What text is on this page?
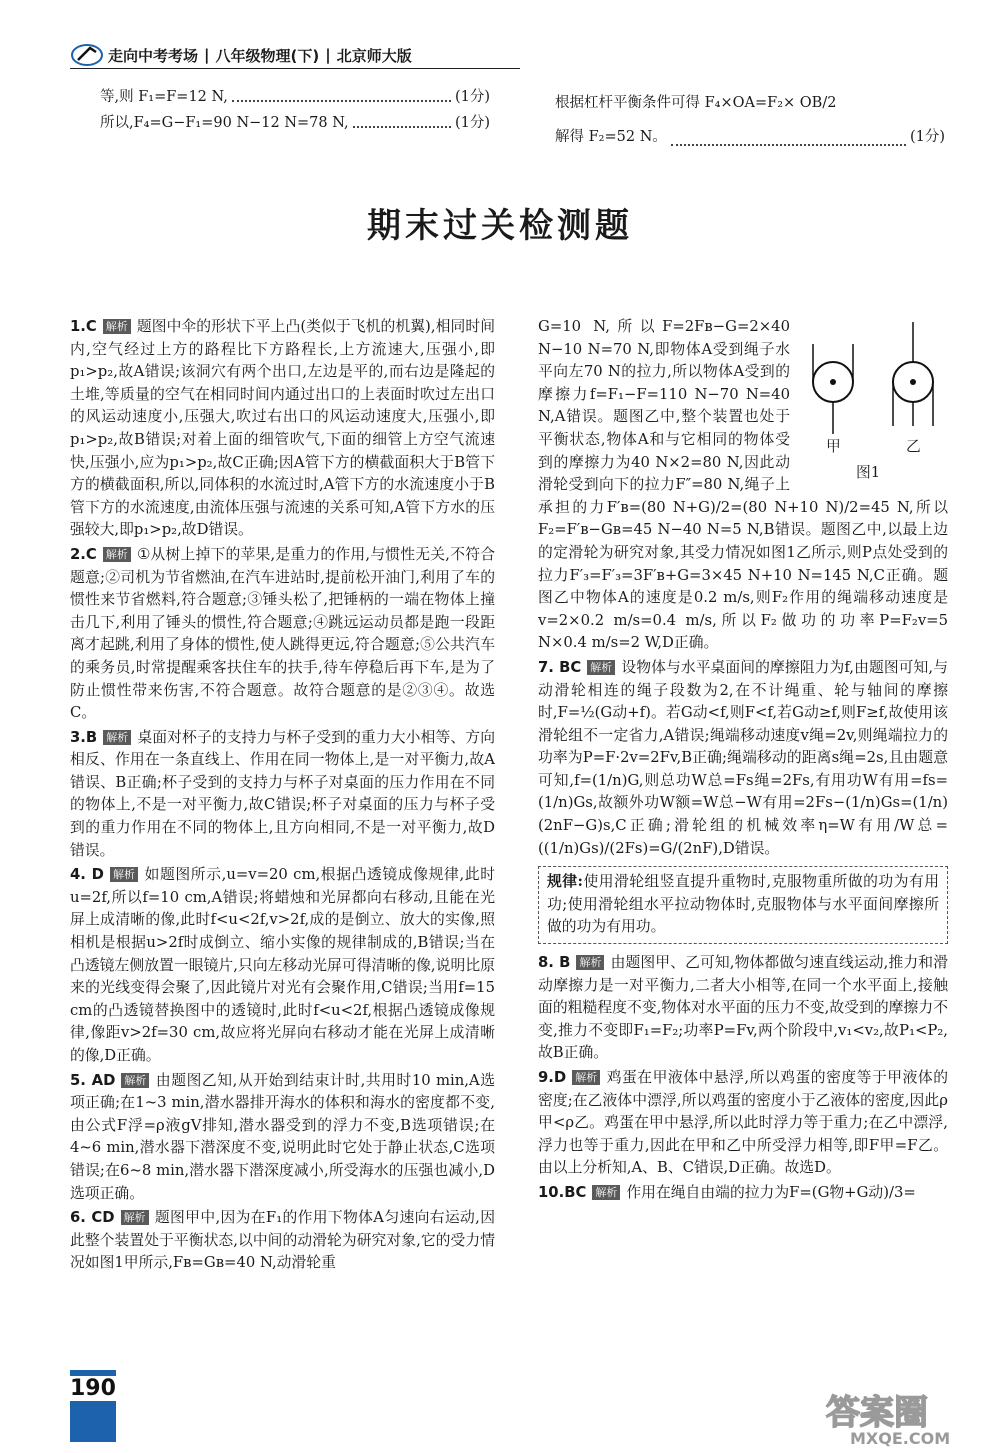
走向中考考场 | 八年级物理(下) | 北京师大版
等,则 F₁=F=12 N,	(1分)
所以,F₄=G−F₁=90 N−12 N=78 N,	(1分)
根据杠杆平衡条件可得 F₄×OA=F₂× OB/2
解得 F₂=52 N。	(1分)
期末过关检测题

1.C 解析 题图中伞的形状下平上凸(类似于飞机的机翼),相同时间内,空气经过上方的路程比下方路程长,上方流速大,压强小,即p₁>p₂,故A错误;该洞穴有两个出口,左边是平的,而右边是隆起的土堆,等质量的空气在相同时间内通过出口的上表面时吹过左出口的风运动速度小,压强大,吹过右出口的风运动速度大,压强小,即p₁>p₂,故B错误;对着上面的细管吹气,下面的细管上方空气流速快,压强小,应为p₁>p₂,故C正确;因A管下方的横截面积大于B管下方的横截面积,所以,同体积的水流过时,A管下方的水流速度小于B管下方的水流速度,由流体压强与流速的关系可知,A管下方水的压强较大,即p₁>p₂,故D错误。

2.C 解析 ①从树上掉下的苹果,是重力的作用,与惯性无关,不符合题意;②司机为节省燃油,在汽车进站时,提前松开油门,利用了车的惯性来节省燃料,符合题意;③锤头松了,把锤柄的一端在物体上撞击几下,利用了锤头的惯性,符合题意;④跳远运动员都是跑一段距离才起跳,利用了身体的惯性,使人跳得更远,符合题意;⑤公共汽车的乘务员,时常提醒乘客扶住车的扶手,待车停稳后再下车,是为了防止惯性带来伤害,不符合题意。故符合题意的是②③④。故选C。

3.B 解析 桌面对杯子的支持力与杯子受到的重力大小相等、方向相反、作用在一条直线上、作用在同一物体上,是一对平衡力,故A错误、B正确;杯子受到的支持力与杯子对桌面的压力作用在不同的物体上,不是一对平衡力,故C错误;杯子对桌面的压力与杯子受到的重力作用在不同的物体上,且方向相同,不是一对平衡力,故D错误。

4. D 解析 如题图所示,u=v=20 cm,根据凸透镜成像规律,此时u=2f,所以f=10 cm,A错误;将蜡烛和光屏都向右移动,且能在光屏上成清晰的像,此时f<u<2f,v>2f,成的是倒立、放大的实像,照相机是根据u>2f时成倒立、缩小实像的规律制成的,B错误;当在凸透镜左侧放置一眼镜片,只向左移动光屏可得清晰的像,说明比原来的光线变得会聚了,因此镜片对光有会聚作用,C错误;当用f=15 cm的凸透镜替换图中的透镜时,此时f<u<2f,根据凸透镜成像规律,像距v>2f=30 cm,故应将光屏向右移动才能在光屏上成清晰的像,D正确。

5. AD 解析 由题图乙知,从开始到结束计时,共用时10 min,A选项正确;在1~3 min,潜水器排开海水的体积和海水的密度都不变,由公式F浮=ρ液gV排知,潜水器受到的浮力不变,B选项错误;在4~6 min,潜水器下潜深度不变,说明此时它处于静止状态,C选项错误;在6~8 min,潜水器下潜深度减小,所受海水的压强也减小,D选项正确。

6. CD 解析 题图甲中,因为在F₁的作用下物体A匀速向右运动,因此整个装置处于平衡状态,以中间的动滑轮为研究对象,它的受力情况如图1甲所示,Fʙ=Gʙ=40 N,动滑轮重

甲	乙
图1

G=10 N,所以F=2Fʙ−G=2×40 N−10 N=70 N,即物体A受到绳子水平向左70 N的拉力,所以物体A受到的摩擦力f=F₁−F=110 N−70 N=40 N,A错误。题图乙中,整个装置也处于平衡状态,物体A和与它相同的物体受到的摩擦力为40 N×2=80 N,因此动滑轮受到向下的拉力F″=80 N,绳子上承担的力F′ʙ=(80 N+G)/2=(80 N+10 N)/2=45 N,所以F₂=F′ʙ−Gʙ=45 N−40 N=5 N,B错误。题图乙中,以最上边的定滑轮为研究对象,其受力情况如图1乙所示,则P点处受到的拉力F′₃=F′₃=3F′ʙ+G=3×45 N+10 N=145 N,C正确。题图乙中物体A的速度是0.2 m/s,则F₂作用的绳端移动速度是v=2×0.2 m/s=0.4 m/s,所以F₂做功的功率P=F₂v=5 N×0.4 m/s=2 W,D正确。

7. BC 解析 设物体与水平桌面间的摩擦阻力为f,由题图可知,与动滑轮相连的绳子段数为2,在不计绳重、轮与轴间的摩擦时,F=½(G动+f)。若G动<f,则F<f,若G动≥f,则F≥f,故使用该滑轮组不一定省力,A错误;绳端移动速度v绳=2v,则绳端拉力的功率为P=F·2v=2Fv,B正确;绳端移动的距离s绳=2s,且由题意可知,f=(1/n)G,则总功W总=Fs绳=2Fs,有用功W有用=fs=(1/n)Gs,故额外功W额=W总−W有用=2Fs−(1/n)Gs=(1/n)(2nF−G)s,C正确;滑轮组的机械效率η=W有用/W总=((1/n)Gs)/(2Fs)=G/(2nF),D错误。

规律:使用滑轮组竖直提升重物时,克服物重所做的功为有用功;使用滑轮组水平拉动物体时,克服物体与水平面间摩擦所做的功为有用功。

8. B 解析 由题图甲、乙可知,物体都做匀速直线运动,推力和滑动摩擦力是一对平衡力,二者大小相等,在同一个水平面上,接触面的粗糙程度不变,物体对水平面的压力不变,故受到的摩擦力不变,推力不变即F₁=F₂;功率P=Fv,两个阶段中,v₁<v₂,故P₁<P₂,故B正确。

9.D 解析 鸡蛋在甲液体中悬浮,所以鸡蛋的密度等于甲液体的密度;在乙液体中漂浮,所以鸡蛋的密度小于乙液体的密度,因此ρ甲<ρ乙。鸡蛋在甲中悬浮,所以此时浮力等于重力;在乙中漂浮,浮力也等于重力,因此在甲和乙中所受浮力相等,即F甲=F乙。由以上分析知,A、B、C错误,D正确。故选D。

10.BC 解析 作用在绳自由端的拉力为F=(G物+G动)/3=

190
答案圈
MXQE.COM
